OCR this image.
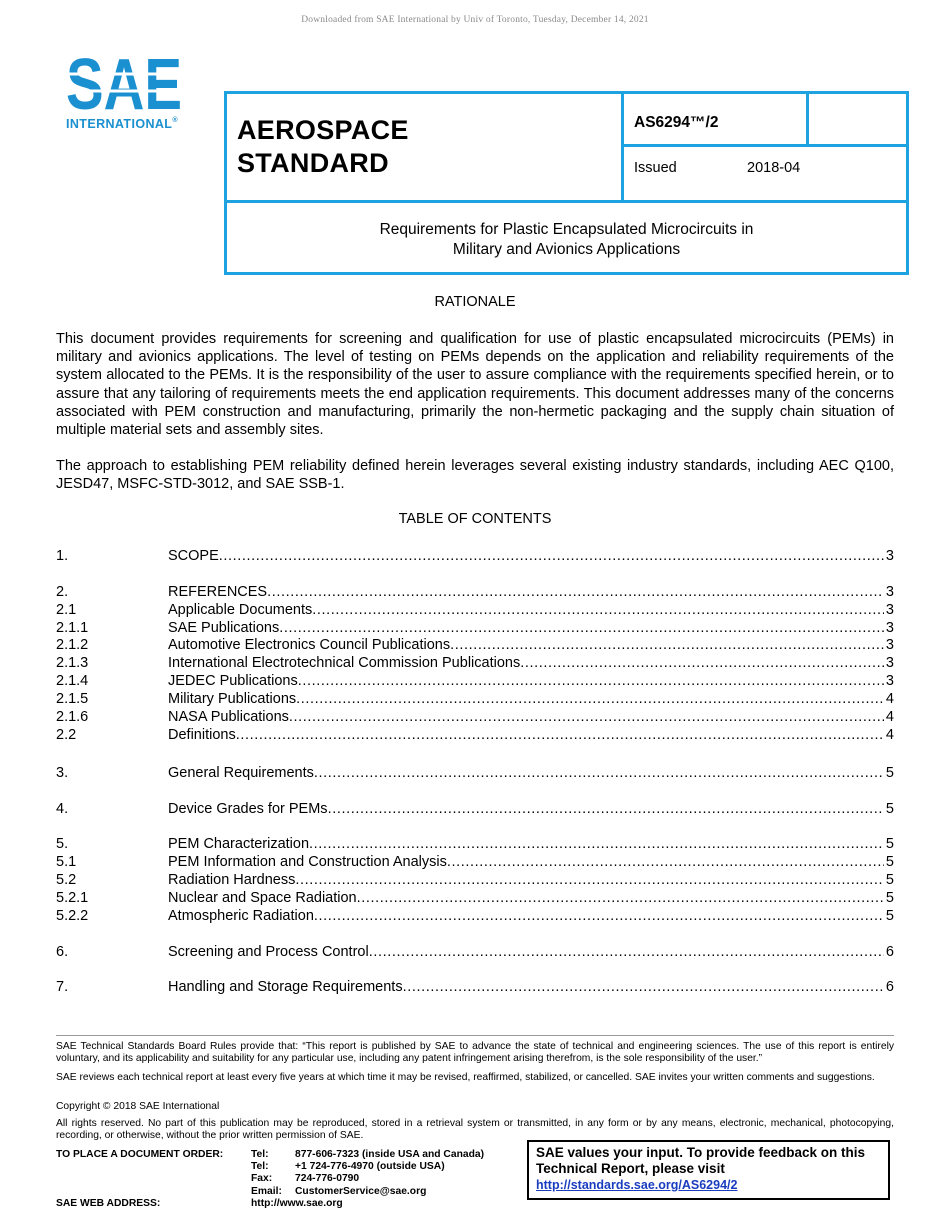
Downloaded from SAE International by Univ of Toronto, Tuesday, December 14, 2021
SAE
INTERNATIONAL® AEROSPACE
STANDARD
AS6294™/2
Issued	2018-04
Requirements for Plastic Encapsulated Microcircuits in
Military and Avionics Applications
RATIONALE
This document provides requirements for screening and qualification for use of plastic encapsulated microcircuits (PEMs) in military and avionics applications. The level of testing on PEMs depends on the application and reliability requirements of the system allocated to the PEMs. It is the responsibility of the user to assure compliance with the requirements specified herein, or to assure that any tailoring of requirements meets the end application requirements. This document addresses many of the concerns associated with PEM construction and manufacturing, primarily the non-hermetic packaging and the supply chain situation of multiple material sets and assembly sites.
The approach to establishing PEM reliability defined herein leverages several existing industry standards, including AEC Q100, JESD47, MSFC-STD-3012, and SAE SSB-1.
TABLE OF CONTENTS
1.	SCOPE .....	3
2.	REFERENCES .....	3
2.1	Applicable Documents .....	3
2.1.1	SAE Publications .....	3
2.1.2	Automotive Electronics Council Publications .....	3
2.1.3	International Electrotechnical Commission Publications .....	3
2.1.4	JEDEC Publications .....	3
2.1.5	Military Publications .....	4
2.1.6	NASA Publications .....	4
2.2	Definitions .....	4
3.	General Requirements .....	5
4.	Device Grades for PEMs .....	5
5.	PEM Characterization .....	5
5.1	PEM Information and Construction Analysis .....	5
5.2	Radiation Hardness .....	5
5.2.1	Nuclear and Space Radiation .....	5
5.2.2	Atmospheric Radiation .....	5
6.	Screening and Process Control .....	6
7.	Handling and Storage Requirements .....	6
SAE Technical Standards Board Rules provide that: “This report is published by SAE to advance the state of technical and engineering sciences. The use of this report is entirely voluntary, and its applicability and suitability for any particular use, including any patent infringement arising therefrom, is the sole responsibility of the user.”
SAE reviews each technical report at least every five years at which time it may be revised, reaffirmed, stabilized, or cancelled. SAE invites your written comments and suggestions.
Copyright © 2018 SAE International
All rights reserved. No part of this publication may be reproduced, stored in a retrieval system or transmitted, in any form or by any means, electronic, mechanical, photocopying, recording, or otherwise, without the prior written permission of SAE.
TO PLACE A DOCUMENT ORDER:	Tel:	877-606-7323 (inside USA and Canada)
Tel:	+1 724-776-4970 (outside USA)
Fax: 724-776-0790
Email: CustomerService@sae.org
SAE WEB ADDRESS:	http://www.sae.org
SAE values your input. To provide feedback on this
Technical Report, please visit
http://standards.sae.org/AS6294/2
